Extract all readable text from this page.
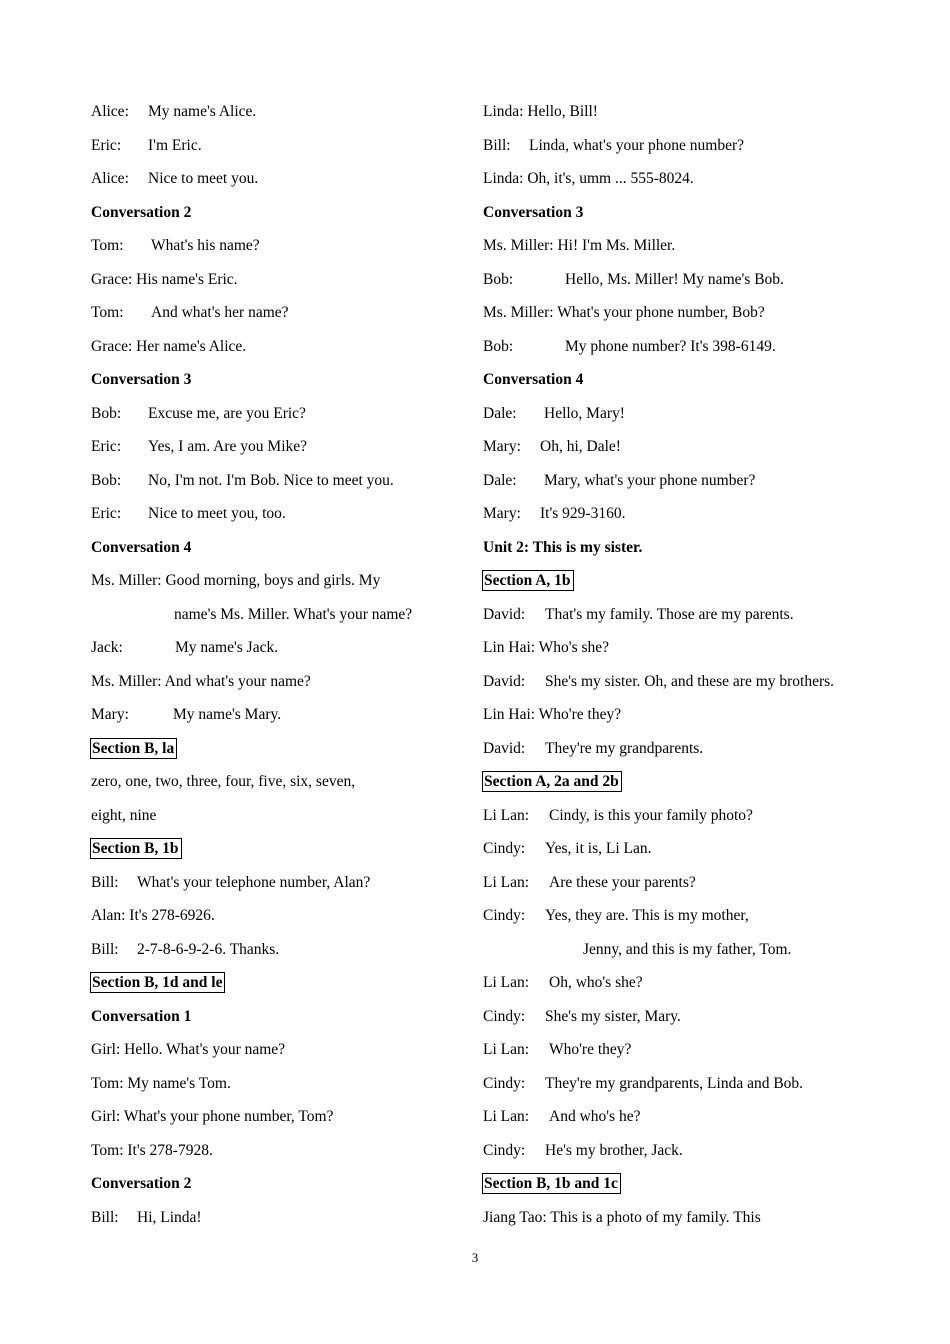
Alice: My name's Alice.
Eric: I'm Eric.
Alice: Nice to meet you.
Conversation 2
Tom: What's his name?
Grace: His name's Eric.
Tom: And what's her name?
Grace: Her name's Alice.
Conversation 3
Bob: Excuse me, are you Eric?
Eric: Yes, I am. Are you Mike?
Bob: No, I'm not. I'm Bob. Nice to meet you.
Eric: Nice to meet you, too.
Conversation 4
Ms. Miller: Good morning, boys and girls. My
name's Ms. Miller. What's your name?
Jack:	My name's Jack.
Ms. Miller: And what's your name?
Mary:	My name's Mary.
Section B, la
zero, one, two, three, four, five, six, seven,
eight, nine
Section B, 1b
Bill: What's your telephone number, Alan?
Alan: It's 278-6926.
Bill: 2-7-8-6-9-2-6. Thanks.
Section B, 1d and le
Conversation 1
Girl: Hello. What's your name?
Tom: My name's Tom.
Girl: What's your phone number, Tom?
Tom: It's 278-7928.
Conversation 2
Bill: Hi, Linda!
Linda: Hello, Bill!
Bill: Linda, what's your phone number?
Linda: Oh, it's, umm ... 555-8024.
Conversation 3
Ms. Miller: Hi! I'm Ms. Miller.
Bob:	Hello, Ms. Miller! My name's Bob.
Ms. Miller: What's your phone number, Bob?
Bob:	My phone number? It's 398-6149.
Conversation 4
Dale: Hello, Mary!
Mary: Oh, hi, Dale!
Dale: Mary, what's your phone number?
Mary: It's 929-3160.
Unit 2: This is my sister.
Section A, 1b
David: That's my family. Those are my parents.
Lin Hai: Who's she?
David: She's my sister. Oh, and these are my brothers.
Lin Hai: Who're they?
David: They're my grandparents.
Section A, 2a and 2b
Li Lan: Cindy, is this your family photo?
Cindy: Yes, it is, Li Lan.
Li Lan: Are these your parents?
Cindy: Yes, they are. This is my mother,
Jenny, and this is my father, Tom.
Li Lan: Oh, who's she?
Cindy: She's my sister, Mary.
Li Lan: Who're they?
Cindy: They're my grandparents, Linda and Bob.
Li Lan: And who's he?
Cindy: He's my brother, Jack.
Section B, 1b and 1c
Jiang Tao: This is a photo of my family. This
3
